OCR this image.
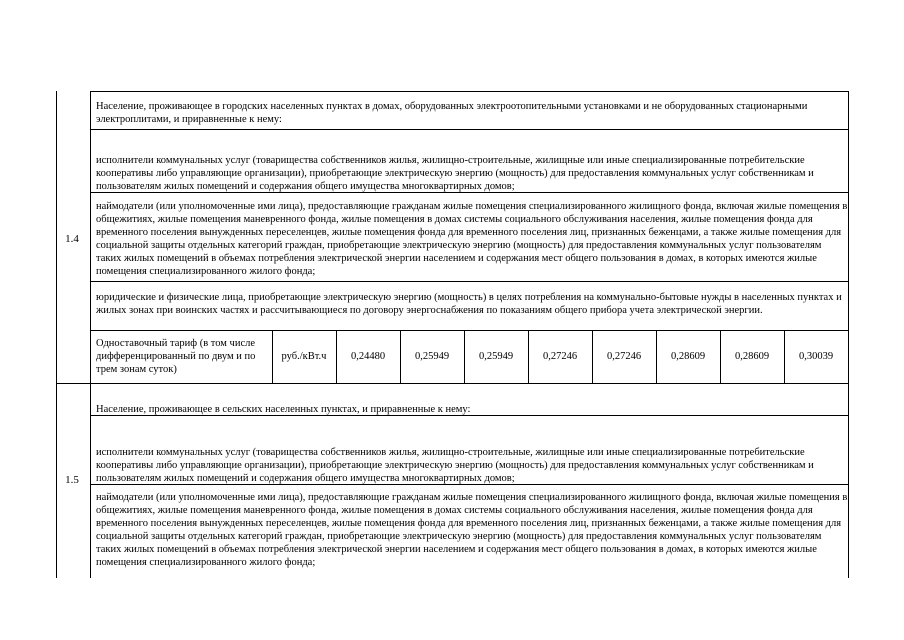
1.4
Население, проживающее в городских населенных пунктах в домах, оборудованных электроотопительными установками и не оборудованных стационарными электроплитами, и приравненные к нему:
исполнители коммунальных услуг (товарищества собственников жилья, жилищно-строительные, жилищные или иные специализированные потребительские кооперативы либо управляющие организации), приобретающие электрическую энергию (мощность) для предоставления коммунальных услуг собственникам и пользователям жилых помещений и содержания общего имущества многоквартирных домов;
наймодатели (или уполномоченные ими лица), предоставляющие гражданам жилые помещения специализированного жилищного фонда, включая жилые помещения в общежитиях, жилые помещения маневренного фонда, жилые помещения в домах системы социального обслуживания населения, жилые помещения фонда для временного поселения вынужденных переселенцев, жилые помещения фонда для временного поселения лиц, признанных беженцами, а также жилые помещения для социальной защиты отдельных категорий граждан, приобретающие электрическую энергию (мощность) для предоставления коммунальных услуг пользователям таких жилых помещений в объемах потребления электрической энергии населением и содержания мест общего пользования в домах, в которых имеются жилые помещения специализированного жилого фонда;
юридические и физические лица, приобретающие электрическую энергию (мощность) в целях потребления на коммунально-бытовые нужды в населенных пунктах и жилых зонах при воинских частях и рассчитывающиеся по договору энергоснабжения по показаниям общего прибора учета электрической энергии.
Одноставочный тариф (в том числе дифференцированный по двум и по трем зонам суток)
руб./кВт.ч	0,24480	0,25949	0,25949	0,27246	0,27246	0,28609	0,28609	0,30039
1.5
Население, проживающее в сельских населенных пунктах, и приравненные к нему:
исполнители коммунальных услуг (товарищества собственников жилья, жилищно-строительные, жилищные или иные специализированные потребительские кооперативы либо управляющие организации), приобретающие электрическую энергию (мощность) для предоставления коммунальных услуг собственникам и пользователям жилых помещений и содержания общего имущества многоквартирных домов;
наймодатели (или уполномоченные ими лица), предоставляющие гражданам жилые помещения специализированного жилищного фонда, включая жилые помещения в общежитиях, жилые помещения маневренного фонда, жилые помещения в домах системы социального обслуживания населения, жилые помещения фонда для временного поселения вынужденных переселенцев, жилые помещения фонда для временного поселения лиц, признанных беженцами, а также жилые помещения для социальной защиты отдельных категорий граждан, приобретающие электрическую энергию (мощность) для предоставления коммунальных услуг пользователям таких жилых помещений в объемах потребления электрической энергии населением и содержания мест общего пользования в домах, в которых имеются жилые помещения специализированного жилого фонда;
